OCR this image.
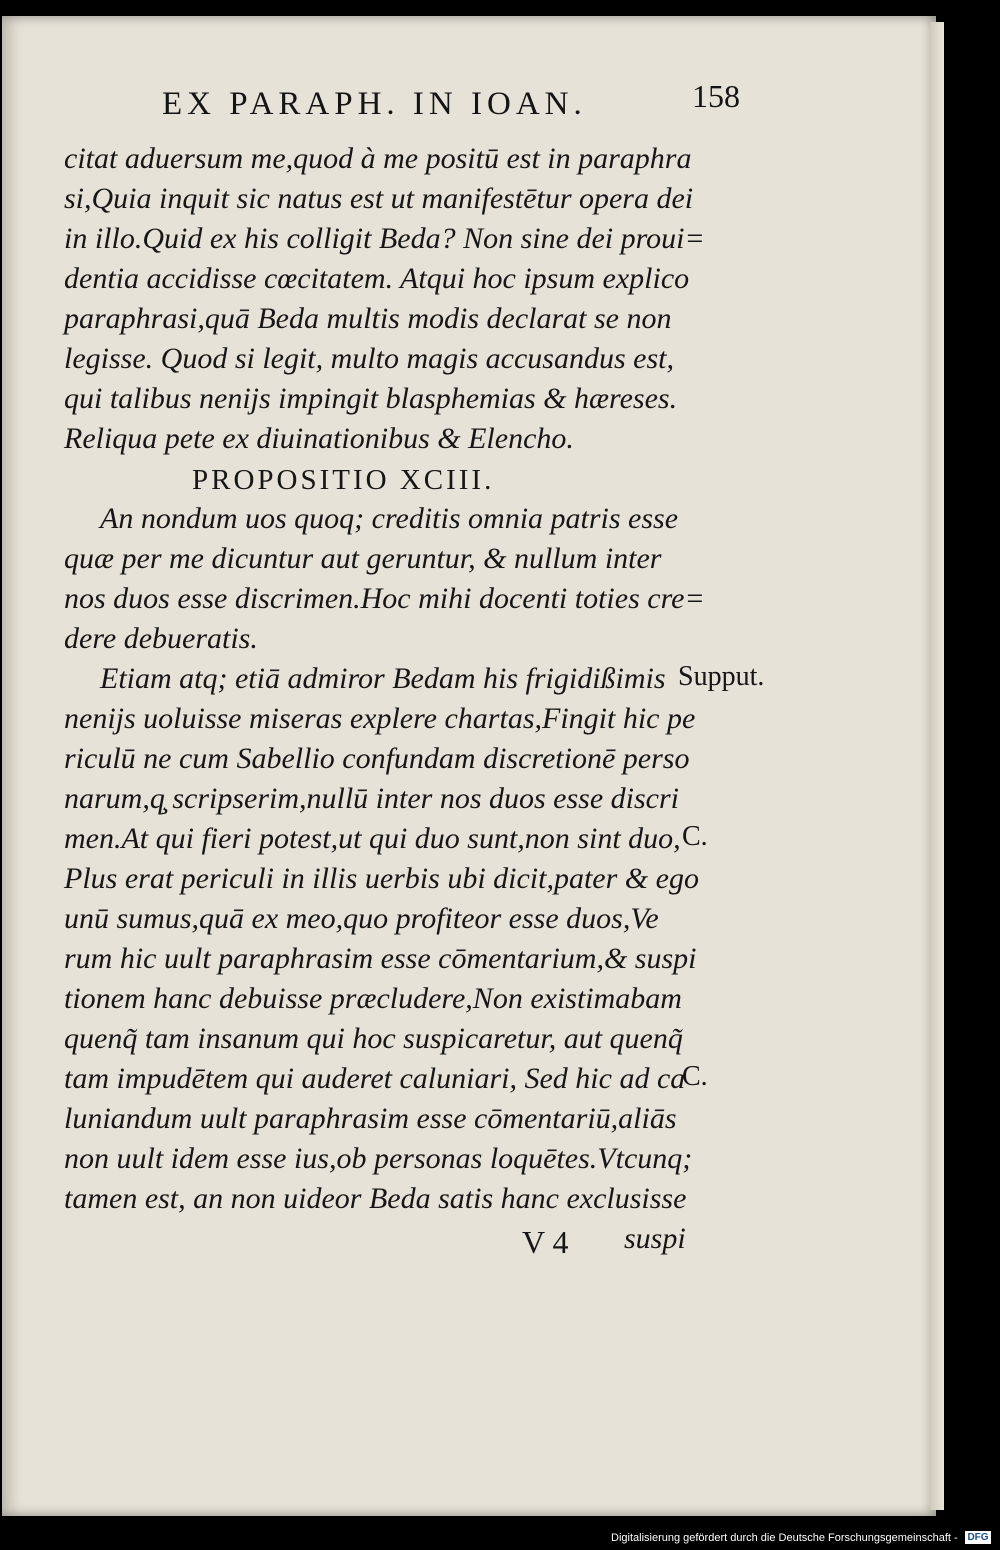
EX PARAPH. IN IOAN.	158
citat aduersum me,quod à me positū est in paraphra
si,Quia inquit sic natus est ut manifestētur opera dei
in illo.Quid ex his colligit Beda? Non sine dei proui=
dentia accidisse cœcitatem. Atqui hoc ipsum explico
paraphrasi,quā Beda multis modis declarat se non
legisse. Quod si legit, multo magis accusandus est,
qui talibus nenijs impingit blasphemias & hæreses.
Reliqua pete ex diuinationibus & Elencho.
PROPOSITIO XCIII.
An nondum uos quoq; creditis omnia patris esse
quæ per me dicuntur aut geruntur, & nullum inter
nos duos esse discrimen.Hoc mihi docenti toties cre=
dere debueratis.
Etiam atq; etiā admiror Bedam his frigidißimis
nenijs uoluisse miseras explere chartas,Fingit hic pe
riculū ne cum Sabellio confundam discretionē perso
narum,q̧ scripserim,nullū inter nos duos esse discri
men.At qui fieri potest,ut qui duo sunt,non sint duo,
Plus erat periculi in illis uerbis ubi dicit,pater & ego
unū sumus,quā ex meo,quo profiteor esse duos,Ve
rum hic uult paraphrasim esse cōmentarium,& suspi
tionem hanc debuisse præcludere,Non existimabam
quenq̃ tam insanum qui hoc suspicaretur, aut quenq̃
tam impudētem qui auderet caluniari, Sed hic ad ca
luniandum uult paraphrasim esse cōmentariū,aliās
non uult idem esse ius,ob personas loquētes.Vtcunq;
tamen est, an non uideor Beda satis hanc exclusisse
Supput.
C.
C.
V 4 suspi
Digitalisierung gefördert durch die Deutsche Forschungsgemeinschaft - DFG
